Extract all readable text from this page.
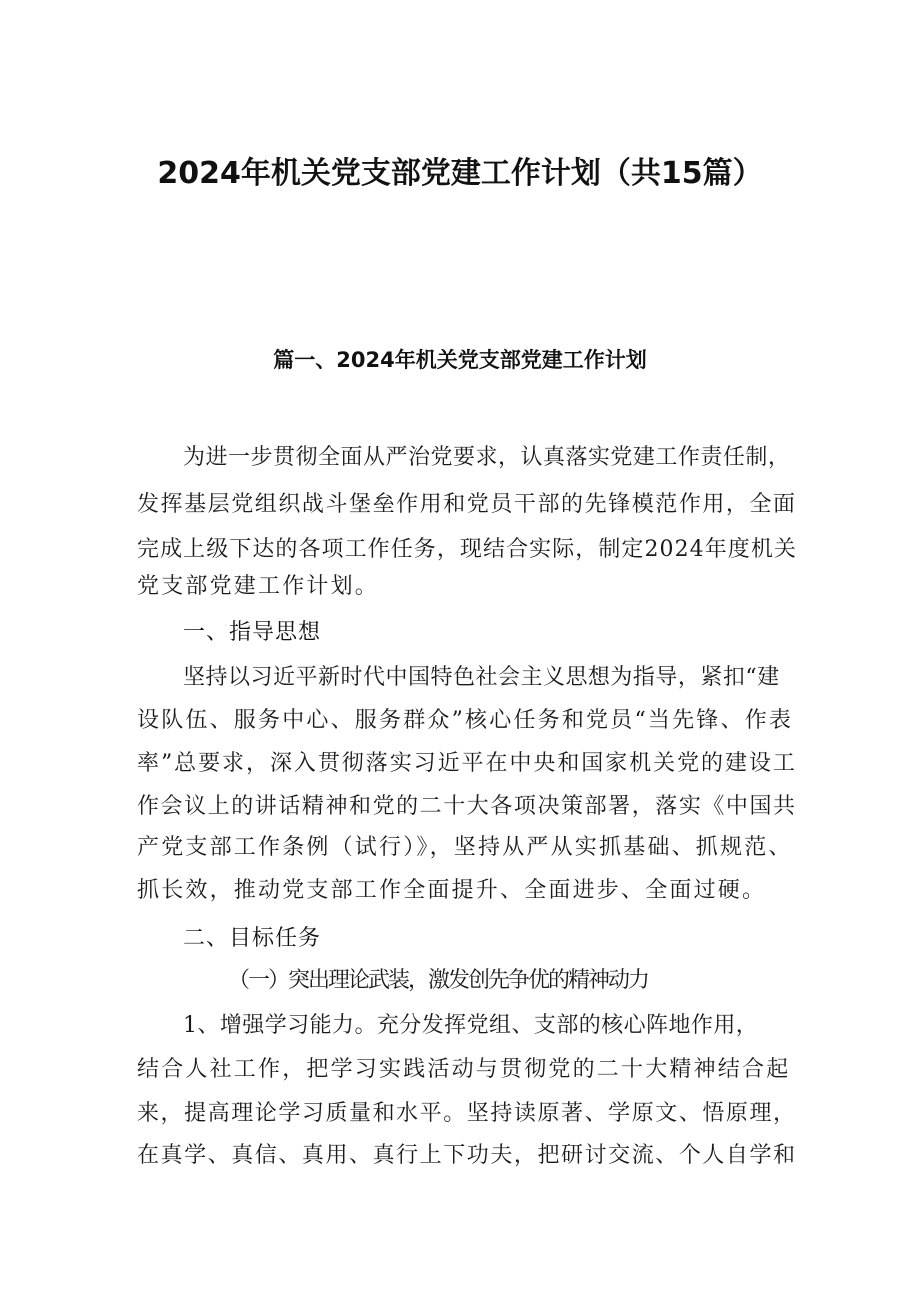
2024年机关党支部党建工作计划（共15篇）
篇一、2024年机关党支部党建工作计划
为进一步贯彻全面从严治党要求，认真落实党建工作责任制，
发挥基层党组织战斗堡垒作用和党员干部的先锋模范作用，全面
完成上级下达的各项工作任务，现结合实际，制定2024年度机关
党支部党建工作计划。
一、指导思想
坚持以习近平新时代中国特色社会主义思想为指导，紧扣“建
设队伍、服务中心、服务群众”核心任务和党员“当先锋、作表
率”总要求，深入贯彻落实习近平在中央和国家机关党的建设工
作会议上的讲话精神和党的二十大各项决策部署，落实《中国共
产党支部工作条例（试行）》，坚持从严从实抓基础、抓规范、
抓长效，推动党支部工作全面提升、全面进步、全面过硬。
二、目标任务
（一）突出理论武装，激发创先争优的精神动力
1、增强学习能力。充分发挥党组、支部的核心阵地作用，
结合人社工作，把学习实践活动与贯彻党的二十大精神结合起
来，提高理论学习质量和水平。坚持读原著、学原文、悟原理，
在真学、真信、真用、真行上下功夫，把研讨交流、个人自学和
